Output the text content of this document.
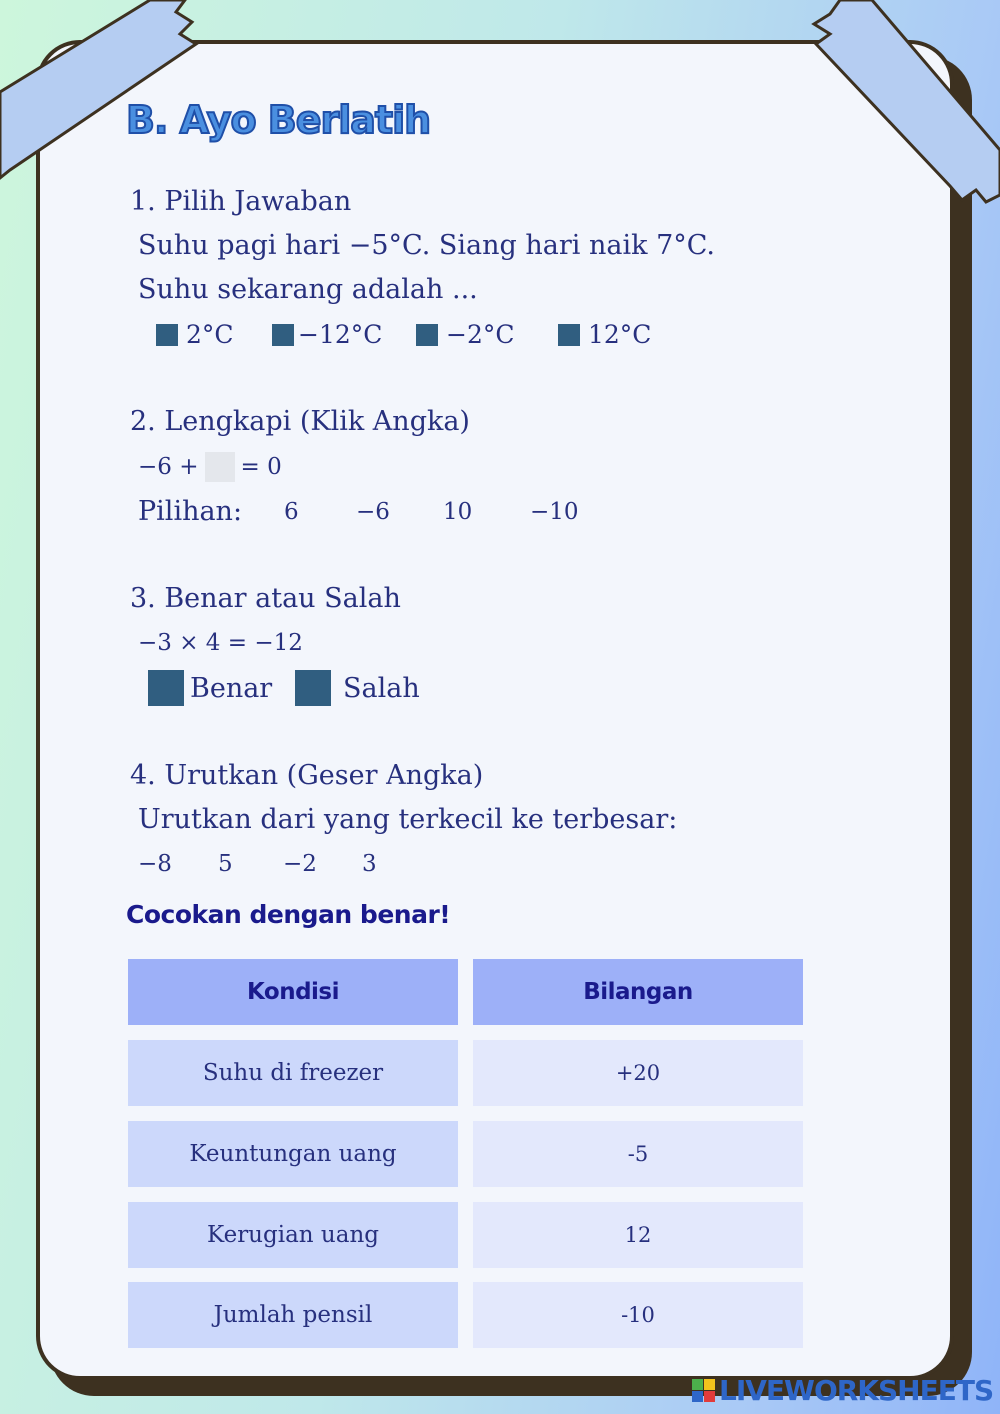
B. Ayo Berlatih
1. Pilih Jawaban
Suhu pagi hari −5°C. Siang hari naik 7°C.
Suhu sekarang adalah ...
2°C	−12°C	−2°C	12°C
2. Lengkapi (Klik Angka)
−6 + = 0
Pilihan: 6 −6 10	−10
3. Benar atau Salah
−3 × 4 = −12
Benar	Salah
4. Urutkan (Geser Angka)
Urutkan dari yang terkecil ke terbesar:
−8 5 −2 3
Cocokan dengan benar!
Kondisi	Bilangan
Suhu di freezer	+20
Keuntungan uang	-5
Kerugian uang	12
Jumlah pensil	-10
LIVEWORKSHEETS
